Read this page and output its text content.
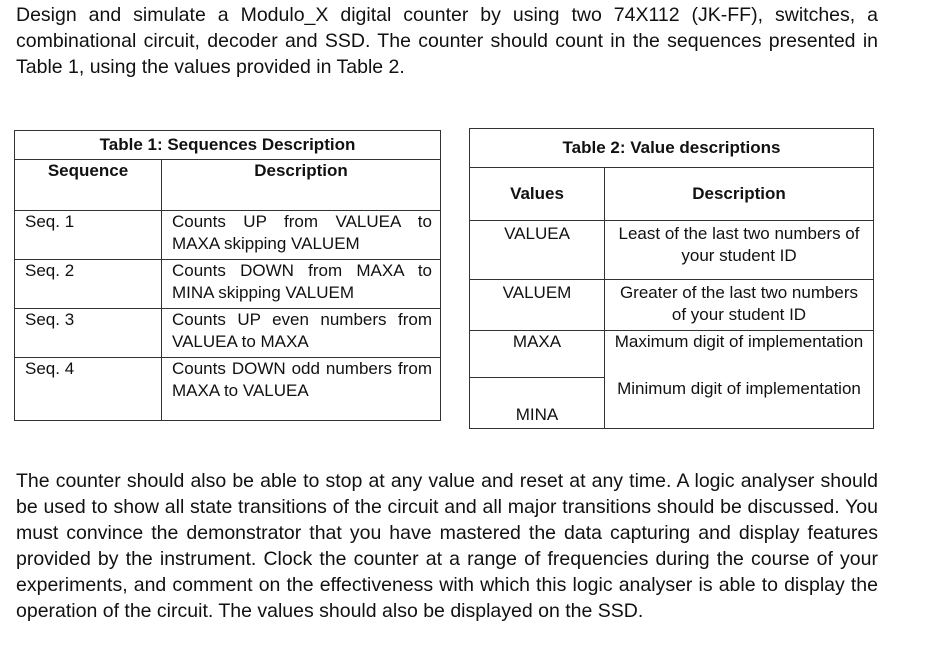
Design and simulate a Modulo_X digital counter by using two 74X112 (JK-FF), switches, a combinational circuit, decoder and SSD. The counter should count in the sequences presented in Table 1, using the values provided in Table 2.

Table 1: Sequences Description	
Sequence	Description
Seq. 1	Counts UP from VALUEA to MAXA skipping VALUEM
Seq. 2	Counts DOWN from MAXA to MINA skipping VALUEM
Seq. 3	Counts UP even numbers from VALUEA to MAXA
Seq. 4	Counts DOWN odd numbers from MAXA to VALUEA
Table 2: Value descriptions	
Values	Description
VALUEA	Least of the last two numbers of your student ID
VALUEM	Greater of the last two numbers of your student ID
MAXA	Maximum digit of implementation
MINA	Minimum digit of implementation

The counter should also be able to stop at any value and reset at any time. A logic analyser should be used to show all state transitions of the circuit and all major transitions should be discussed. You must convince the demonstrator that you have mastered the data capturing and display features provided by the instrument. Clock the counter at a range of frequencies during the course of your experiments, and comment on the effectiveness with which this logic analyser is able to display the operation of the circuit. The values should also be displayed on the SSD.
